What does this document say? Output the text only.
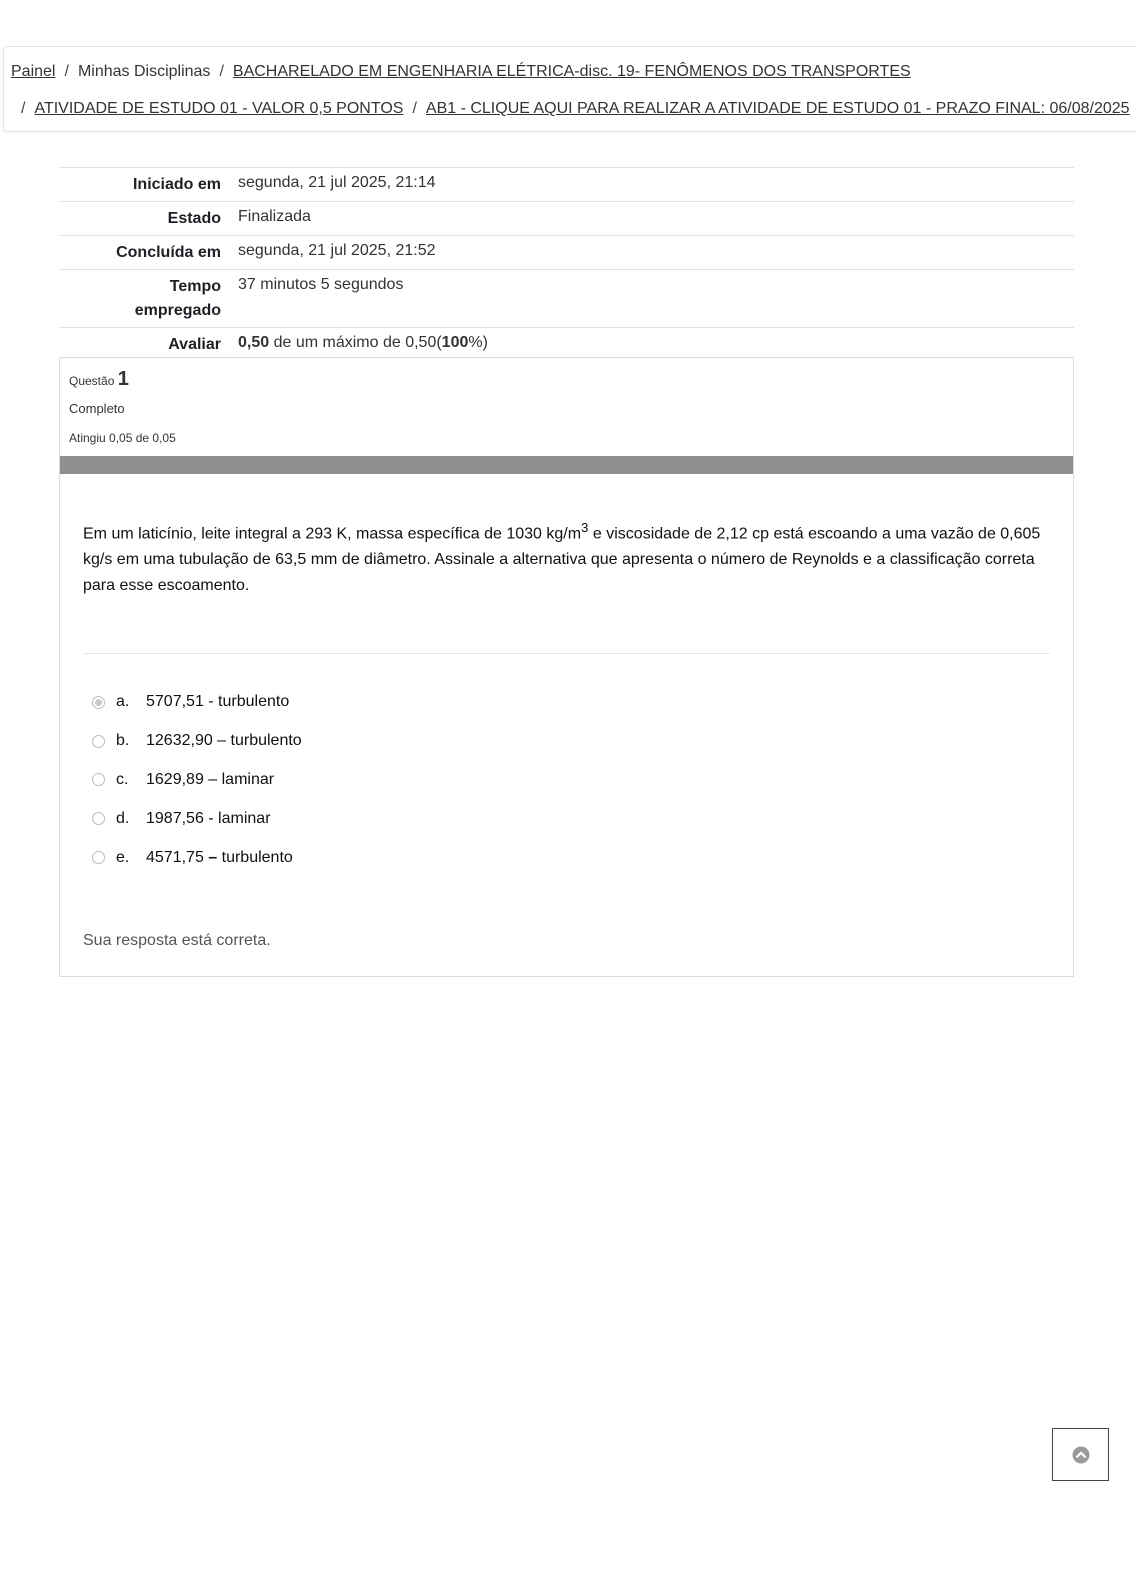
Painel / Minhas Disciplinas / BACHARELADO EM ENGENHARIA ELÉTRICA-disc. 19- FENÔMENOS DOS TRANSPORTES
/ ATIVIDADE DE ESTUDO 01 - VALOR 0,5 PONTOS / AB1 - CLIQUE AQUI PARA REALIZAR A ATIVIDADE DE ESTUDO 01 - PRAZO FINAL: 06/08/2025
Iniciado em	segunda, 21 jul 2025, 21:14
Estado	Finalizada
Concluída em	segunda, 21 jul 2025, 21:52
Tempo
empregado	37 minutos 5 segundos
Avaliar	0,50 de um máximo de 0,50(100%)
Questão 1
Completo
Atingiu 0,05 de 0,05
Em um laticínio, leite integral a 293 K, massa específica de 1030 $kg/m^3$ e viscosidade de 2,12 cp está escoando a uma vazão de 0,605 kg/s em uma tubulação de 63,5 mm de diâmetro. Assinale a alternativa que apresenta o número de Reynolds e a classificação correta para esse escoamento.
a.	5707,51 - turbulento
b.	12632,90 – turbulento
c.	1629,89 – laminar
d.	1987,56 - laminar
e.	4571,75 – turbulento
Sua resposta está correta.
